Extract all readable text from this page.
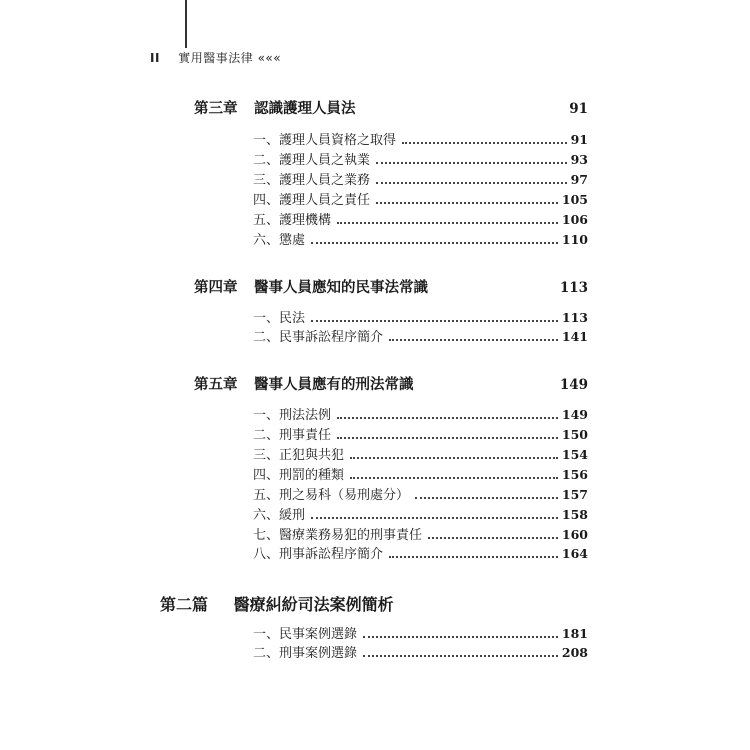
II 實用醫事法律 «««
第三章	認識護理人員法	91
一、護理人員資格之取得	91
二、護理人員之執業	93
三、護理人員之業務	97
四、護理人員之責任	105
五、護理機構	106
六、懲處	110
第四章	醫事人員應知的民事法常識	113
一、民法	113
二、民事訴訟程序簡介	141
第五章	醫事人員應有的刑法常識	149
一、刑法法例	149
二、刑事責任	150
三、正犯與共犯	154
四、刑罰的種類	156
五、刑之易科（易刑處分）	157
六、緩刑	158
七、醫療業務易犯的刑事責任	160
八、刑事訴訟程序簡介	164
第二篇 醫療糾紛司法案例簡析
一、民事案例選錄	181
二、刑事案例選錄	208
